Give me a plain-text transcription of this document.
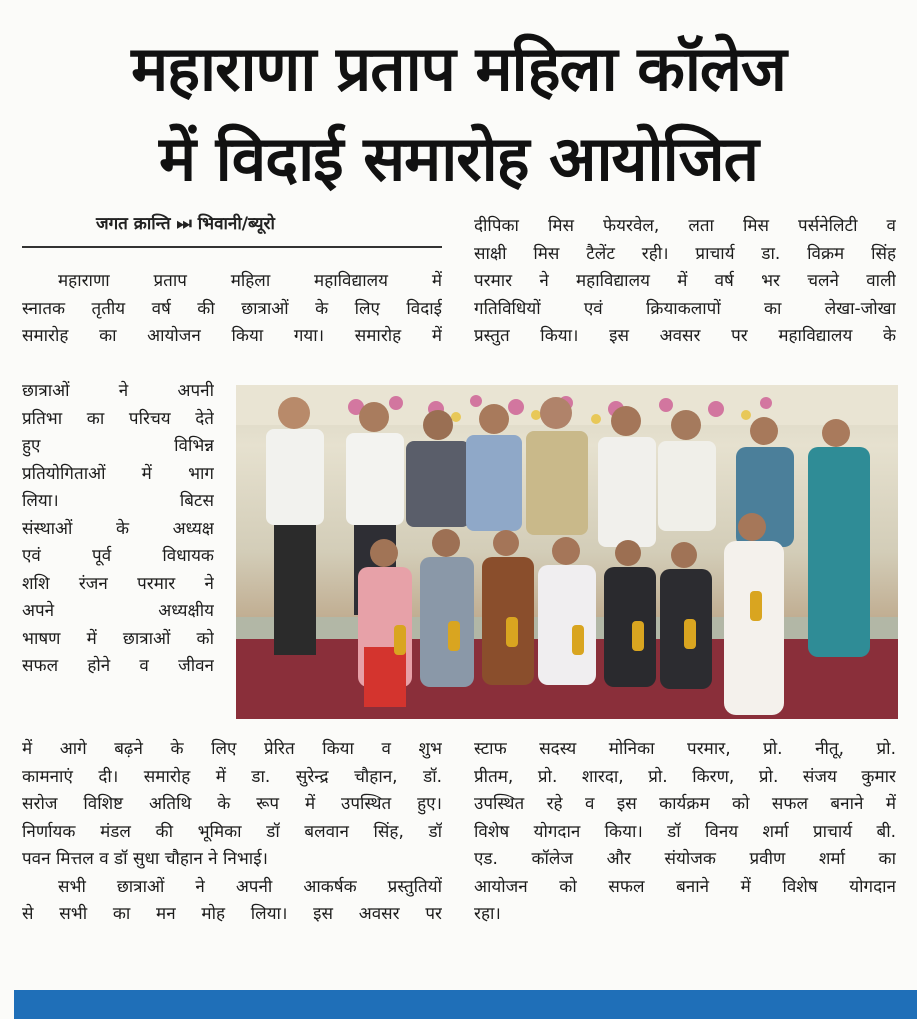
महाराणा प्रताप महिला कॉलेज
में विदाई समारोह आयोजित
जगत क्रान्ति ⏭ भिवानी/ब्यूरो
महाराणा प्रताप महिला महाविद्यालय में
स्नातक तृतीय वर्ष की छात्राओं के लिए विदाई
समारोह का आयोजन किया गया। समारोह में
छात्राओं ने अपनी
प्रतिभा का परिचय देते
हुए विभिन्न
प्रतियोगिताओं में भाग
लिया। बिटस
संस्थाओं के अध्यक्ष
एवं पूर्व विधायक
शशि रंजन परमार ने
अपने अध्यक्षीय
भाषण में छात्राओं को
सफल होने व जीवन
में आगे बढ़ने के लिए प्रेरित किया व शुभ
कामनाएं दी। समारोह में डा. सुरेन्द्र चौहान, डॉ.
सरोज विशिष्ट अतिथि के रूप में उपस्थित हुए।
निर्णायक मंडल की भूमिका डॉ बलवान सिंह, डॉ
पवन मित्तल व डॉ सुधा चौहान ने निभाई।
सभी छात्राओं ने अपनी आकर्षक प्रस्तुतियों
से सभी का मन मोह लिया। इस अवसर पर
दीपिका मिस फेयरवेल, लता मिस पर्सनेलिटी व
साक्षी मिस टैलेंट रही। प्राचार्य डा. विक्रम सिंह
परमार ने महाविद्यालय में वर्ष भर चलने वाली
गतिविधियों एवं क्रियाकलापों का लेखा-जोखा
प्रस्तुत किया। इस अवसर पर महाविद्यालय के
स्टाफ सदस्य मोनिका परमार, प्रो. नीतू, प्रो.
प्रीतम, प्रो. शारदा, प्रो. किरण, प्रो. संजय कुमार
उपस्थित रहे व इस कार्यक्रम को सफल बनाने में
विशेष योगदान किया। डॉ विनय शर्मा प्राचार्य बी.
एड. कॉलेज और संयोजक प्रवीण शर्मा का
आयोजन को सफल बनाने में विशेष योगदान
रहा।
